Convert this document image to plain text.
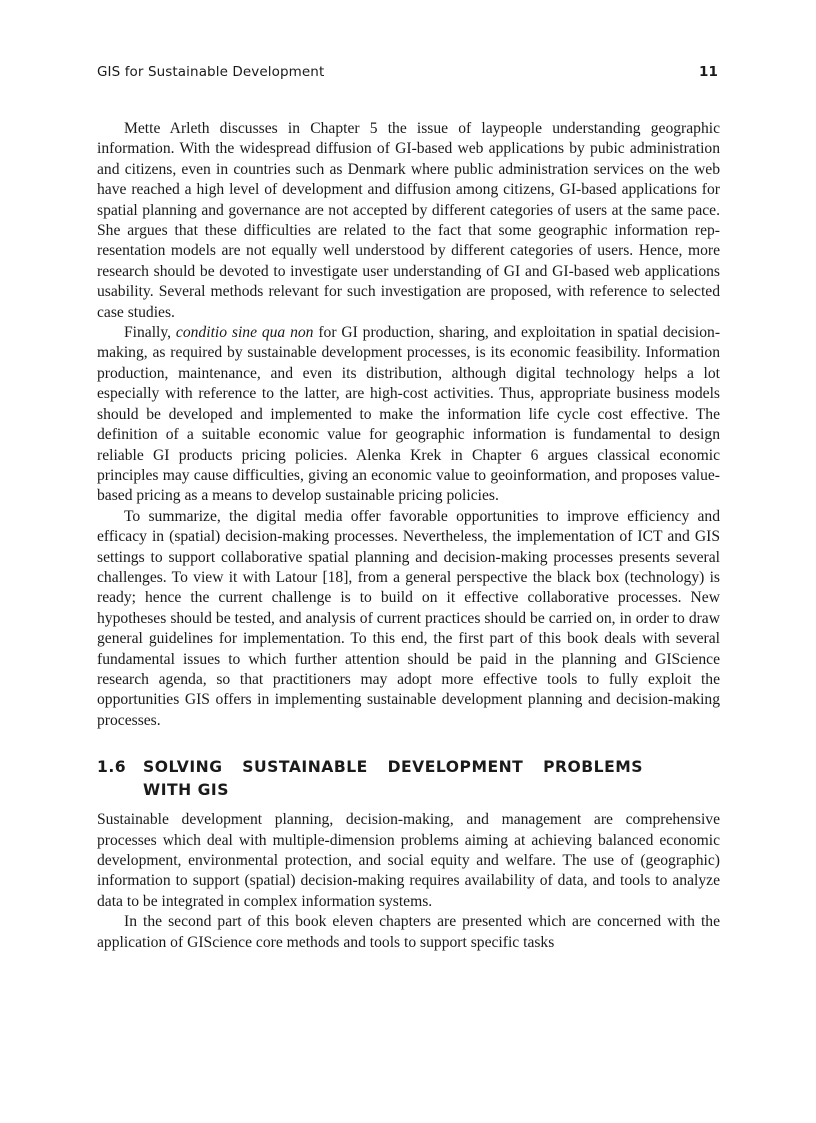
GIS for Sustainable Development	11

Mette Arleth discusses in Chapter 5 the issue of laypeople understanding geographic information. With the widespread diffusion of GI-based web applications by pubic administration and citizens, even in countries such as Denmark where public administration services on the web have reached a high level of development and diffusion among citizens, GI-based applications for spatial planning and governance are not accepted by different categories of users at the same pace. She argues that these difficulties are related to the fact that some geographic information representation models are not equally well understood by different categories of users. Hence, more research should be devoted to investigate user understanding of GI and GI-based web applications usability. Several methods relevant for such investigation are proposed, with reference to selected case studies.

Finally, conditio sine qua non for GI production, sharing, and exploitation in spatial decision-making, as required by sustainable development processes, is its economic feasibility. Information production, maintenance, and even its distribution, although digital technology helps a lot especially with reference to the latter, are high-cost activities. Thus, appropriate business models should be developed and implemented to make the information life cycle cost effective. The definition of a suitable economic value for geographic information is fundamental to design reliable GI products pricing policies. Alenka Krek in Chapter 6 argues classical economic principles may cause difficulties, giving an economic value to geoinformation, and proposes value-based pricing as a means to develop sustainable pricing policies.

To summarize, the digital media offer favorable opportunities to improve efficiency and efficacy in (spatial) decision-making processes. Nevertheless, the implementation of ICT and GIS settings to support collaborative spatial planning and decision-making processes presents several challenges. To view it with Latour [18], from a general perspective the black box (technology) is ready; hence the current challenge is to build on it effective collaborative processes. New hypotheses should be tested, and analysis of current practices should be carried on, in order to draw general guidelines for implementation. To this end, the first part of this book deals with several fundamental issues to which further attention should be paid in the planning and GIScience research agenda, so that practitioners may adopt more effective tools to fully exploit the opportunities GIS offers in implementing sustainable development planning and decision-making processes.

1.6	SOLVING SUSTAINABLE DEVELOPMENT PROBLEMS WITH GIS

Sustainable development planning, decision-making, and management are comprehensive processes which deal with multiple-dimension problems aiming at achieving balanced economic development, environmental protection, and social equity and welfare. The use of (geographic) information to support (spatial) decision-making requires availability of data, and tools to analyze data to be integrated in complex information systems.

In the second part of this book eleven chapters are presented which are concerned with the application of GIScience core methods and tools to support specific tasks
